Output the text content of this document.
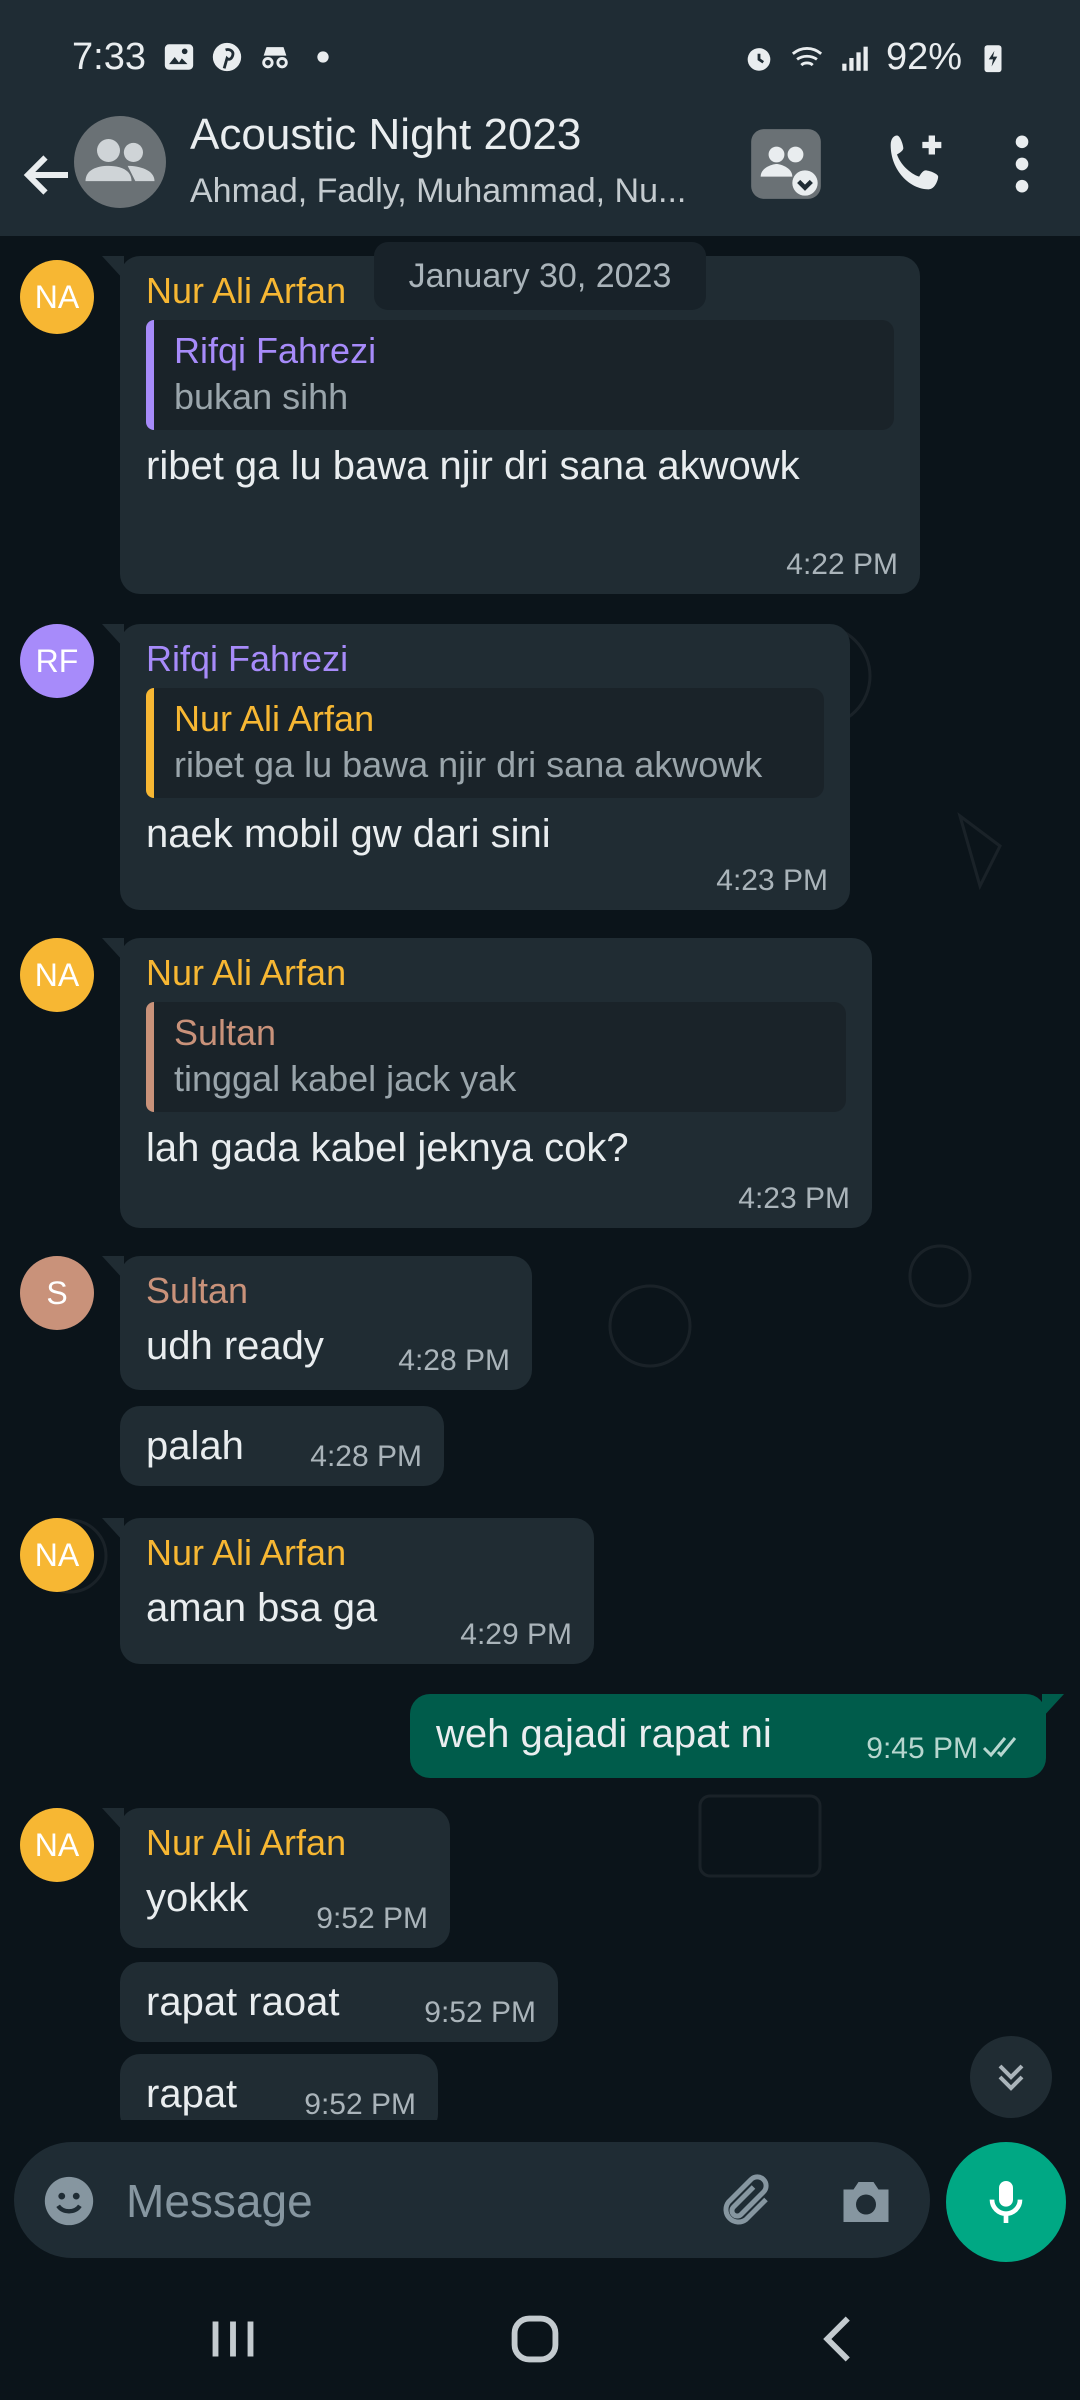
7:33	92%
Acoustic Night 2023
Ahmad, Fadly, Muhammad, Nu...
NA	Nur Ali Arfan
Rifqi Fahrezi
bukan sihh
ribet ga lu bawa njir dri sana akwowk
4:22 PM
January 30, 2023
RF	Rifqi Fahrezi
Nur Ali Arfan
ribet ga lu bawa njir dri sana akwowk
naek mobil gw dari sini
4:23 PM
NA	Nur Ali Arfan
Sultan
tinggal kabel jack yak
lah gada kabel jeknya cok?
4:23 PM
S	Sultan
udh ready	4:28 PM
palah	4:28 PM
NA	Nur Ali Arfan
aman bsa ga
4:29 PM
weh gajadi rapat ni	9:45 PM
NA	Nur Ali Arfan
yokkk	9:52 PM
rapat raoat	9:52 PM
rapat	9:52 PM
Message
